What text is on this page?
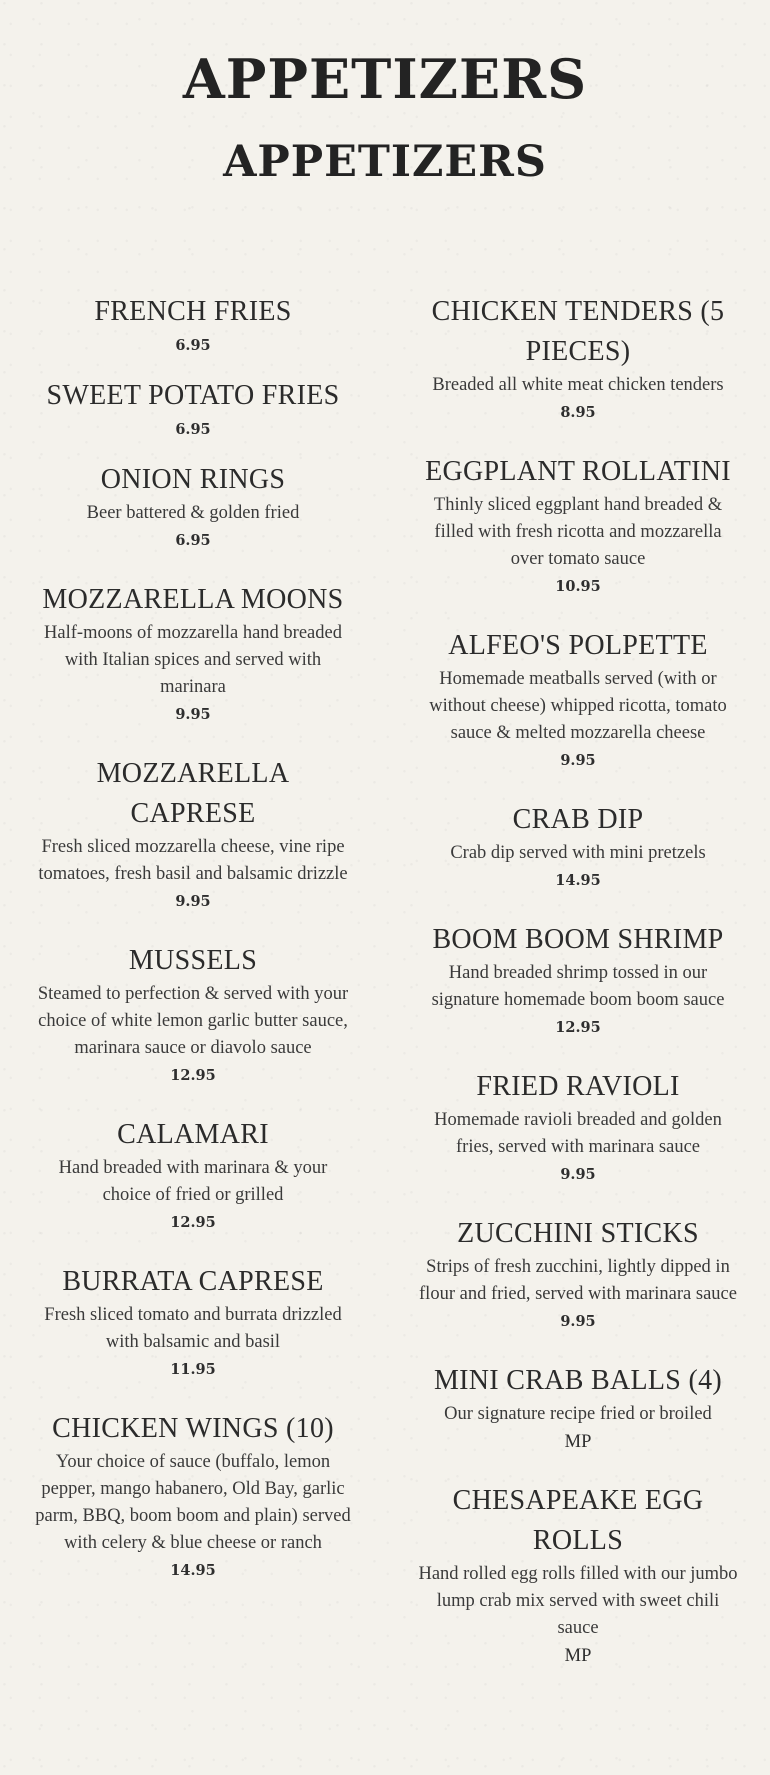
APPETIZERS
APPETIZERS
FRENCH FRIES
6.95
SWEET POTATO FRIES
6.95
ONION RINGS
Beer battered & golden fried
6.95
MOZZARELLA MOONS
Half-moons of mozzarella hand breaded with Italian spices and served with marinara
9.95
MOZZARELLA CAPRESE
Fresh sliced mozzarella cheese, vine ripe tomatoes, fresh basil and balsamic drizzle
9.95
MUSSELS
Steamed to perfection & served with your choice of white lemon garlic butter sauce, marinara sauce or diavolo sauce
12.95
CALAMARI
Hand breaded with marinara & your choice of fried or grilled
12.95
BURRATA CAPRESE
Fresh sliced tomato and burrata drizzled with balsamic and basil
11.95
CHICKEN WINGS (10)
Your choice of sauce (buffalo, lemon pepper, mango habanero, Old Bay, garlic parm, BBQ, boom boom and plain) served with celery & blue cheese or ranch
14.95
CHICKEN TENDERS (5 PIECES)
Breaded all white meat chicken tenders
8.95
EGGPLANT ROLLATINI
Thinly sliced eggplant hand breaded & filled with fresh ricotta and mozzarella over tomato sauce
10.95
ALFEO'S POLPETTE
Homemade meatballs served (with or without cheese) whipped ricotta, tomato sauce & melted mozzarella cheese
9.95
CRAB DIP
Crab dip served with mini pretzels
14.95
BOOM BOOM SHRIMP
Hand breaded shrimp tossed in our signature homemade boom boom sauce
12.95
FRIED RAVIOLI
Homemade ravioli breaded and golden fries, served with marinara sauce
9.95
ZUCCHINI STICKS
Strips of fresh zucchini, lightly dipped in flour and fried, served with marinara sauce
9.95
MINI CRAB BALLS (4)
Our signature recipe fried or broiled
MP
CHESAPEAKE EGG ROLLS
Hand rolled egg rolls filled with our jumbo lump crab mix served with sweet chili sauce
MP
